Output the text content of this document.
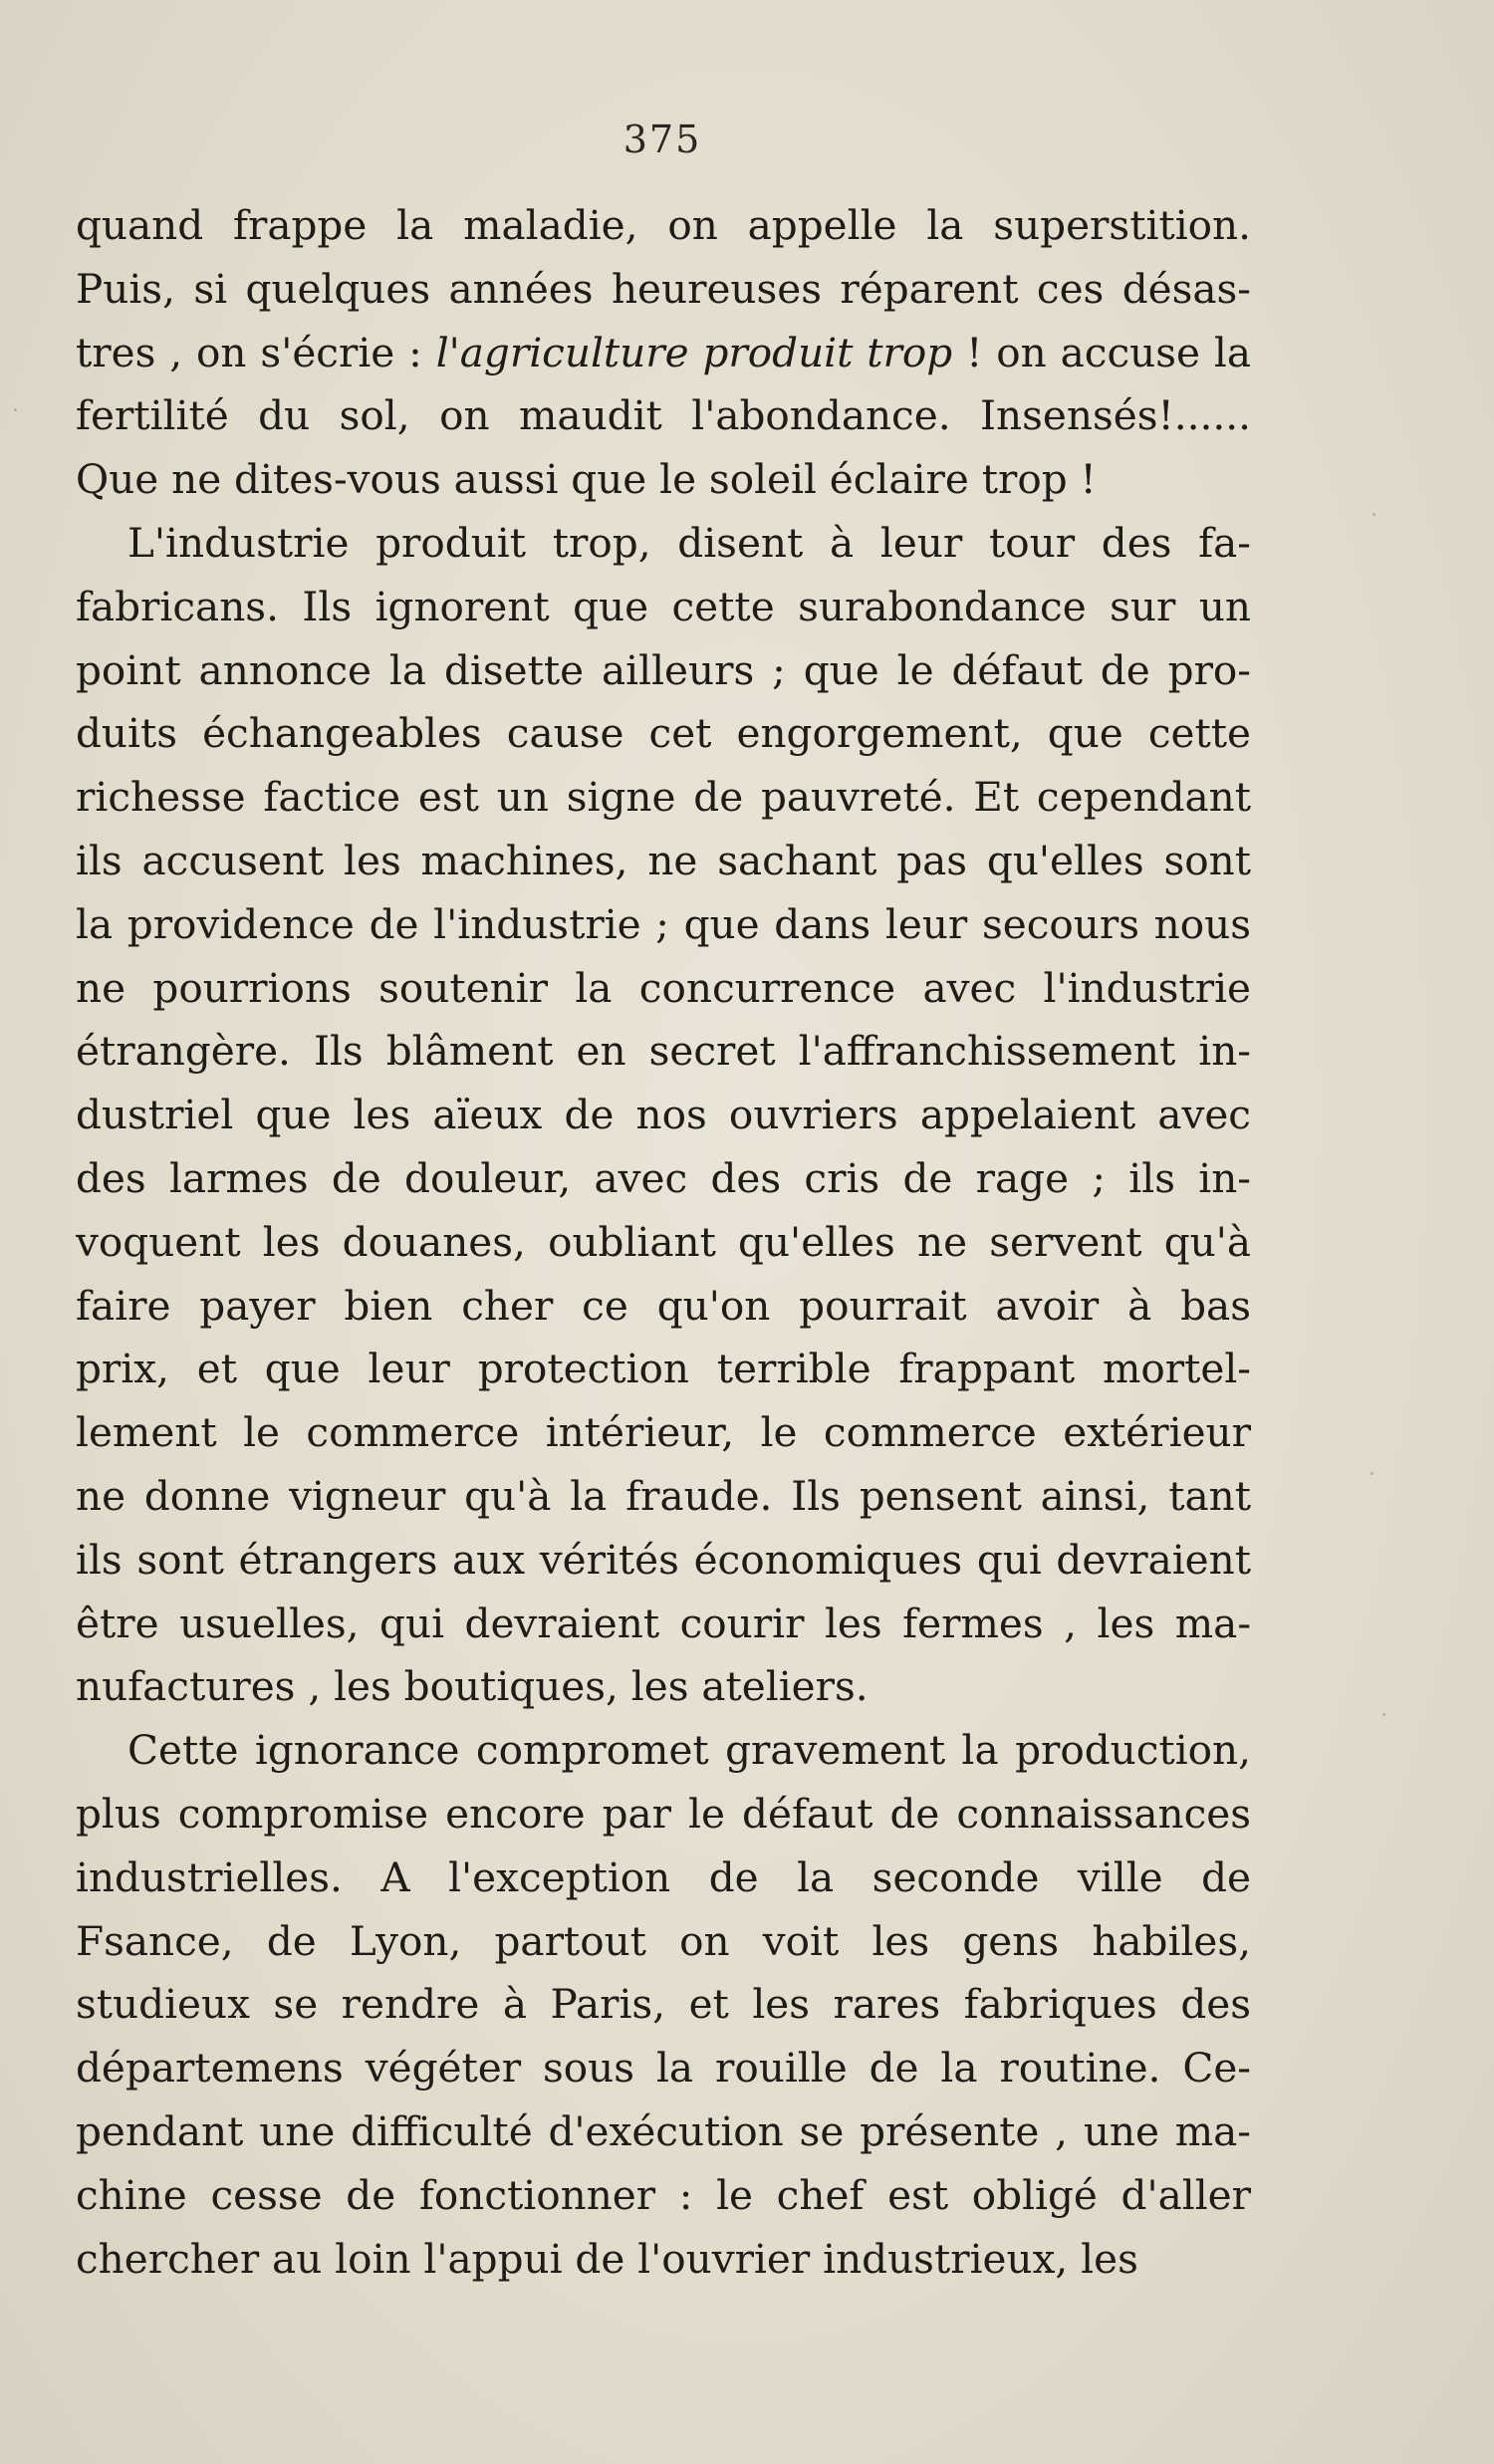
375
quand frappe la maladie, on appelle la superstition.
Puis, si quelques années heureuses réparent ces désas-
tres , on s'écrie : l'agriculture produit trop ! on accuse la
fertilité du sol, on maudit l'abondance. Insensés!......
Que ne dites-vous aussi que le soleil éclaire trop !
L'industrie produit trop, disent à leur tour des fa-
fabricans. Ils ignorent que cette surabondance sur un
point annonce la disette ailleurs ; que le défaut de pro-
duits échangeables cause cet engorgement, que cette
richesse factice est un signe de pauvreté. Et cependant
ils accusent les machines, ne sachant pas qu'elles sont
la providence de l'industrie ; que dans leur secours nous
ne pourrions soutenir la concurrence avec l'industrie
étrangère. Ils blâment en secret l'affranchissement in-
dustriel que les aïeux de nos ouvriers appelaient avec
des larmes de douleur, avec des cris de rage ; ils in-
voquent les douanes, oubliant qu'elles ne servent qu'à
faire payer bien cher ce qu'on pourrait avoir à bas
prix, et que leur protection terrible frappant mortel-
lement le commerce intérieur, le commerce extérieur
ne donne vigneur qu'à la fraude. Ils pensent ainsi, tant
ils sont étrangers aux vérités économiques qui devraient
être usuelles, qui devraient courir les fermes , les ma-
nufactures , les boutiques, les ateliers.
Cette ignorance compromet gravement la production,
plus compromise encore par le défaut de connaissances
industrielles. A l'exception de la seconde ville de
Fsance, de Lyon, partout on voit les gens habiles,
studieux se rendre à Paris, et les rares fabriques des
départemens végéter sous la rouille de la routine. Ce-
pendant une difficulté d'exécution se présente , une ma-
chine cesse de fonctionner : le chef est obligé d'aller
chercher au loin l'appui de l'ouvrier industrieux, les
